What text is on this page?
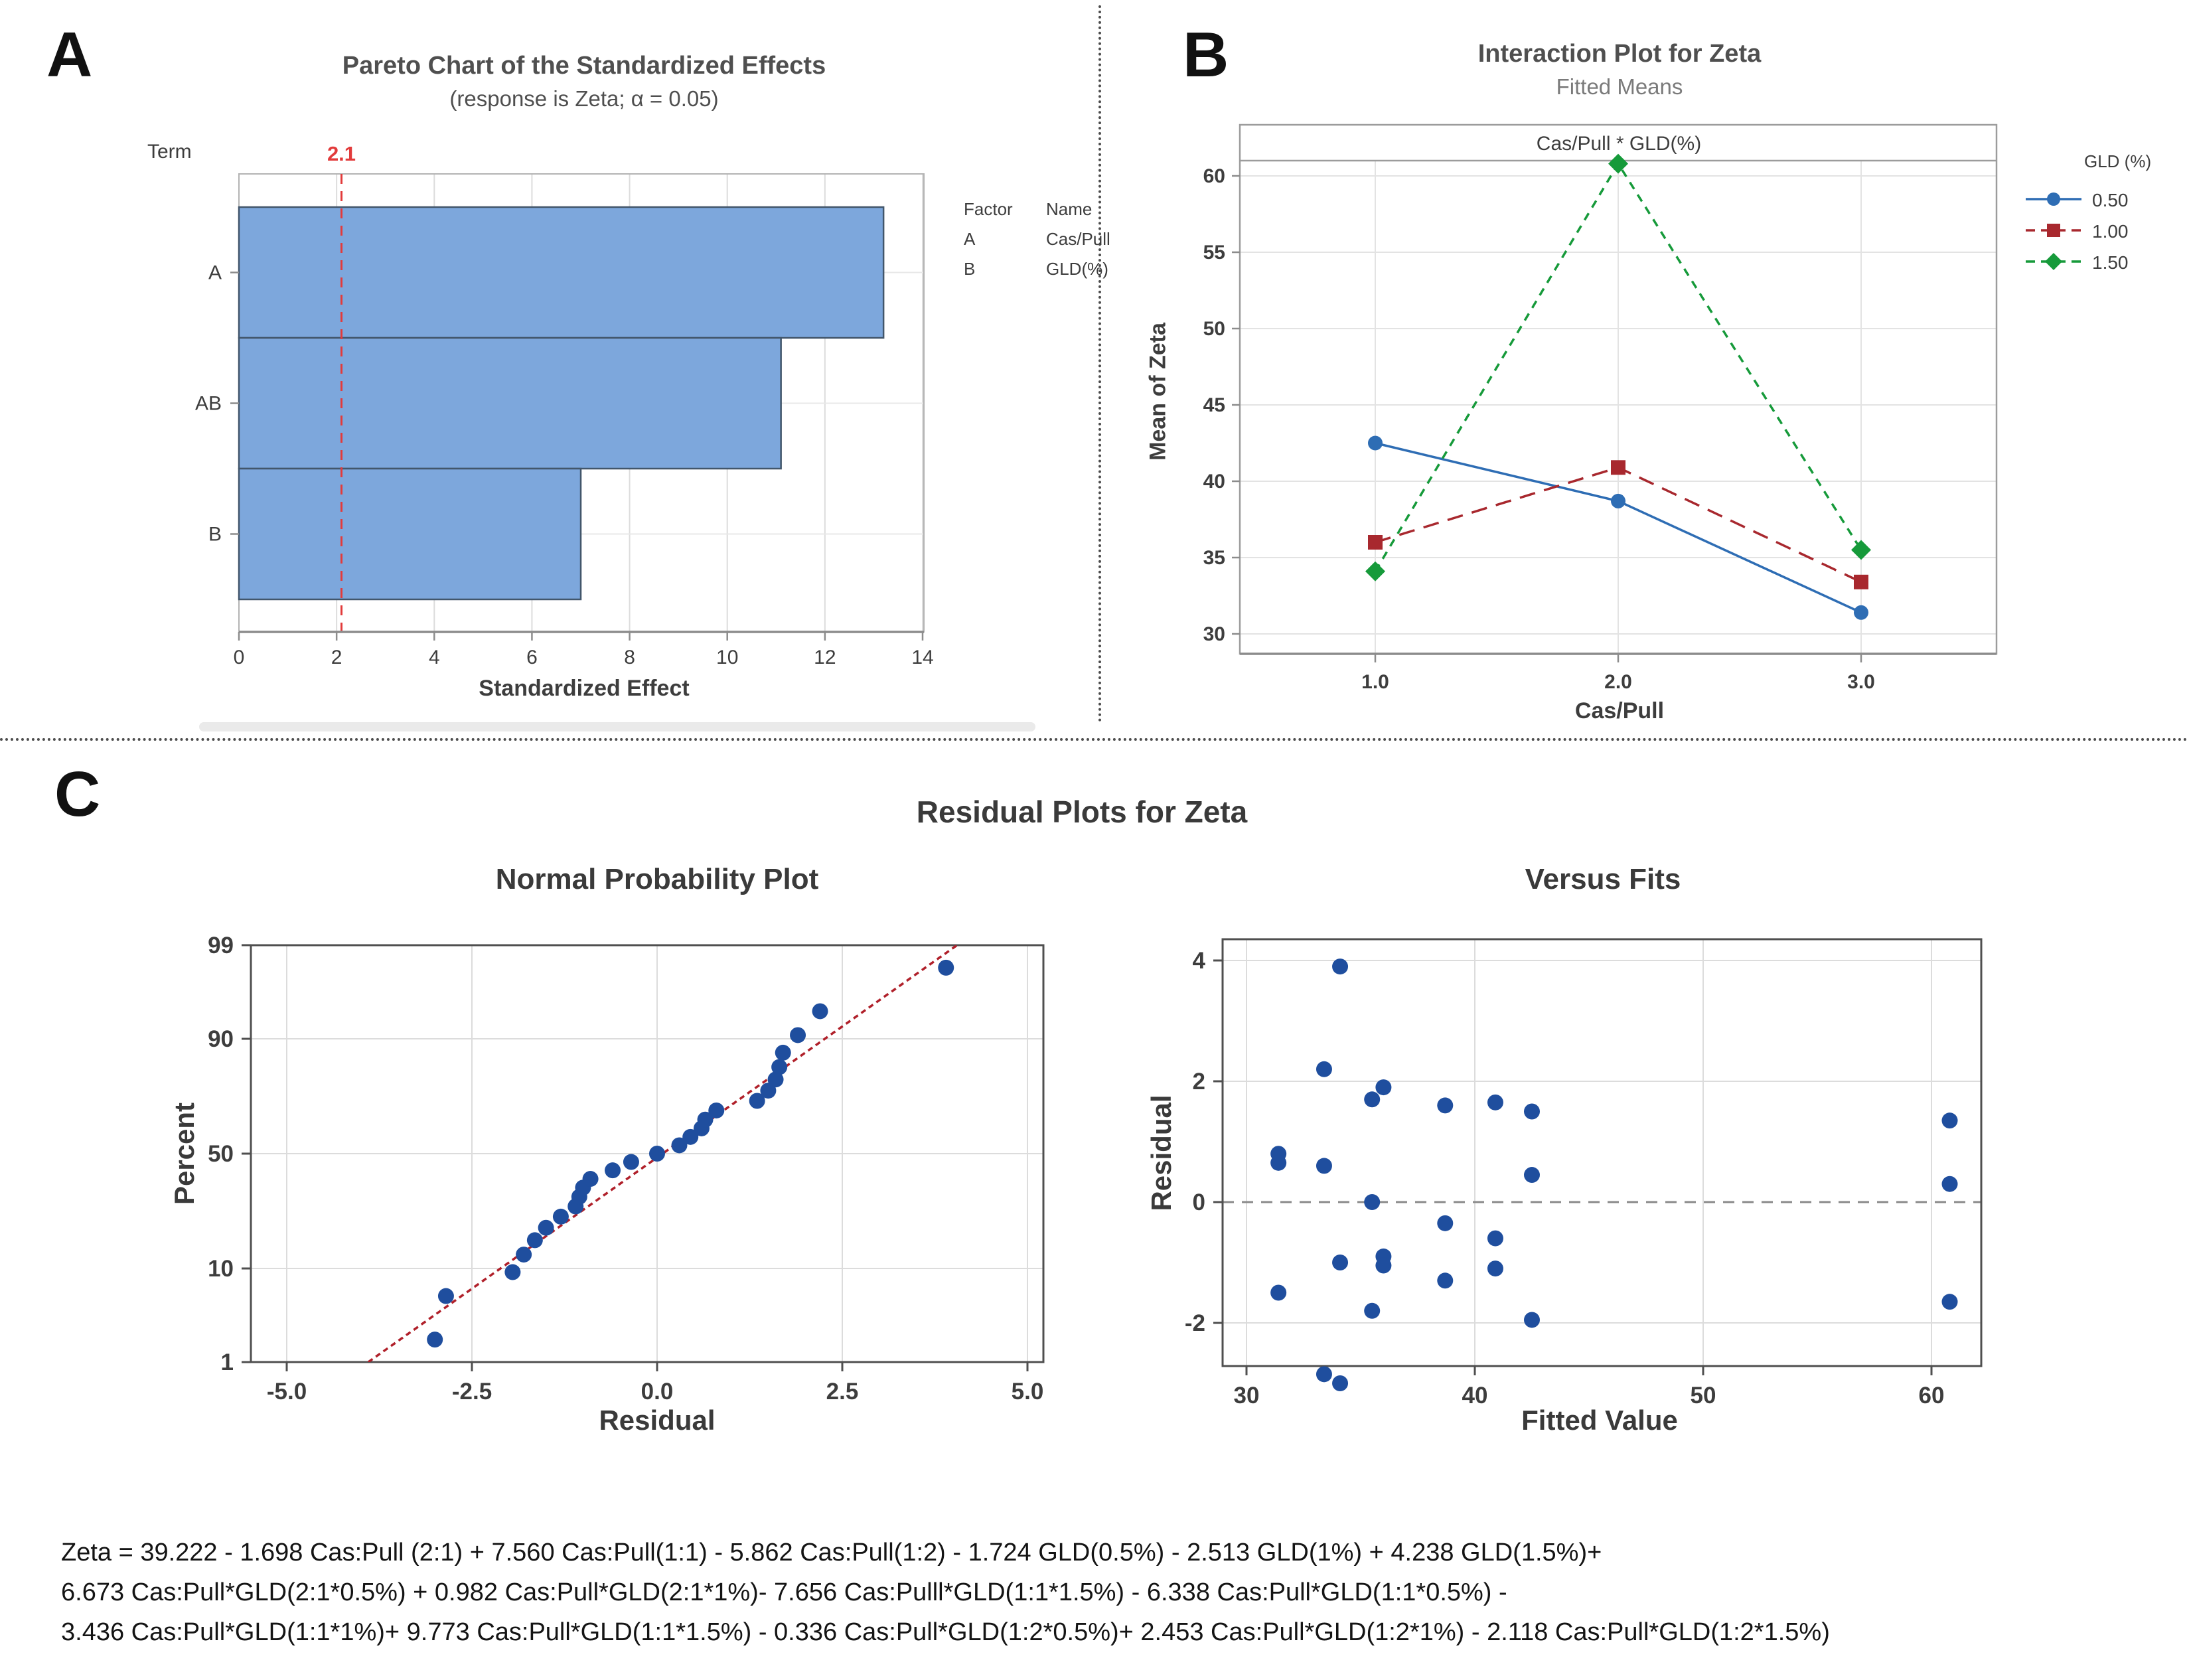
2.1
0	2	4	6	8	10	12	14
A
AB
B
1.0	2.0	3.0
30
35
40
45
50
55
60
-5.0	-2.5	0.0	2.5	5.0
1
10
50
90
99
30	40	50	60
4
2
0
-2
A	Pareto Chart of the Standardized Effects
(response is Zeta; α = 0.05)
Term
Standardized Effect
Factor	Name
A	Cas/Pull
B	GLD(%)
B	Interaction Plot for Zeta
Fitted Means
Cas/Pull * GLD(%)
Mean of Zeta
Cas/Pull
GLD (%)
0.50
1.00
1.50
C	Residual Plots for Zeta
Normal Probability Plot	Versus Fits
Percent
Residual
Residual
Fitted Value
Zeta = 39.222 - 1.698 Cas:Pull (2:1) + 7.560 Cas:Pull(1:1) - 5.862 Cas:Pull(1:2) - 1.724 GLD(0.5%) - 2.513 GLD(1%) + 4.238 GLD(1.5%)+
6.673 Cas:Pull*GLD(2:1*0.5%) + 0.982 Cas:Pull*GLD(2:1*1%)- 7.656 Cas:Pulll*GLD(1:1*1.5%) - 6.338 Cas:Pull*GLD(1:1*0.5%) -
3.436 Cas:Pull*GLD(1:1*1%)+ 9.773 Cas:Pull*GLD(1:1*1.5%) - 0.336 Cas:Pull*GLD(1:2*0.5%)+ 2.453 Cas:Pull*GLD(1:2*1%) - 2.118 Cas:Pull*GLD(1:2*1.5%)
